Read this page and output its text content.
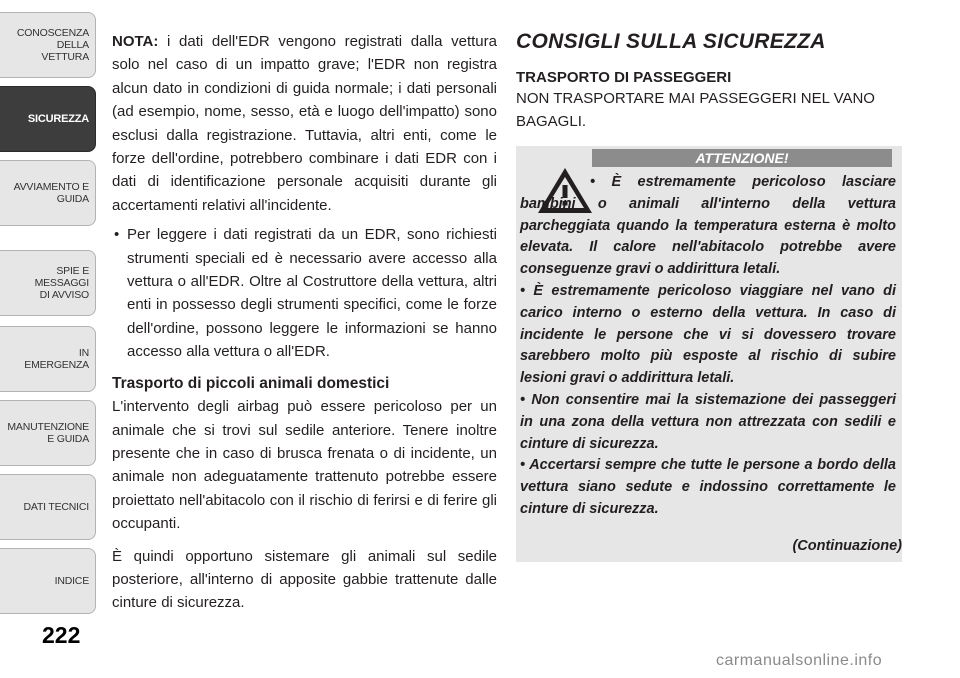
CONOSCENZA DELLA
VETTURA
SICUREZZA
AVVIAMENTO E
GUIDA
SPIE E
MESSAGGI
DI AVVISO
IN
EMERGENZA
MANUTENZIONE
E GUIDA
DATI TECNICI
INDICE
222

NOTA: i dati dell'EDR vengono registrati dalla vettura solo nel caso di un impatto grave; l'EDR non registra alcun dato in condizioni di guida normale; i dati personali (ad esempio, nome, sesso, età e luogo dell'impatto) sono esclusi dalla registrazione. Tuttavia, altri enti, come le forze dell'ordine, potrebbero combinare i dati EDR con i dati di identificazione personale acquisiti durante gli accertamenti relativi all'incidente.

• Per leggere i dati registrati da un EDR, sono richiesti strumenti speciali ed è necessario avere accesso alla vettura o all'EDR. Oltre al Costruttore della vettura, altri enti in possesso degli strumenti specifici, come le forze dell'ordine, possono leggere le informazioni se hanno accesso alla vettura o all'EDR.

Trasporto di piccoli animali domestici

L'intervento degli airbag può essere pericoloso per un animale che si trovi sul sedile anteriore. Tenere inoltre presente che in caso di brusca frenata o di incidente, un animale non adeguatamente trattenuto potrebbe essere proiettato nell'abitacolo con il rischio di ferirsi e di ferire gli occupanti.

È quindi opportuno sistemare gli animali sul sedile posteriore, all'interno di apposite gabbie trattenute dalle cinture di sicurezza.

CONSIGLI SULLA SICUREZZA

TRASPORTO DI PASSEGGERI

NON TRASPORTARE MAI PASSEGGERI NEL VANO BAGAGLI.

ATTENZIONE!

• È estremamente pericoloso lasciare bambini o animali all'interno della vettura parcheggiata quando la temperatura esterna è molto elevata. Il calore nell'abitacolo potrebbe avere conseguenze gravi o addirittura letali.

• È estremamente pericoloso viaggiare nel vano di carico interno o esterno della vettura. In caso di incidente le persone che vi si dovessero trovare sarebbero molto più esposte al rischio di subire lesioni gravi o addirittura letali.

• Non consentire mai la sistemazione dei passeggeri in una zona della vettura non attrezzata con sedili e cinture di sicurezza.

• Accertarsi sempre che tutte le persone a bordo della vettura siano sedute e indossino correttamente le cinture di sicurezza.

(Continuazione)
carmanualsonline.info
